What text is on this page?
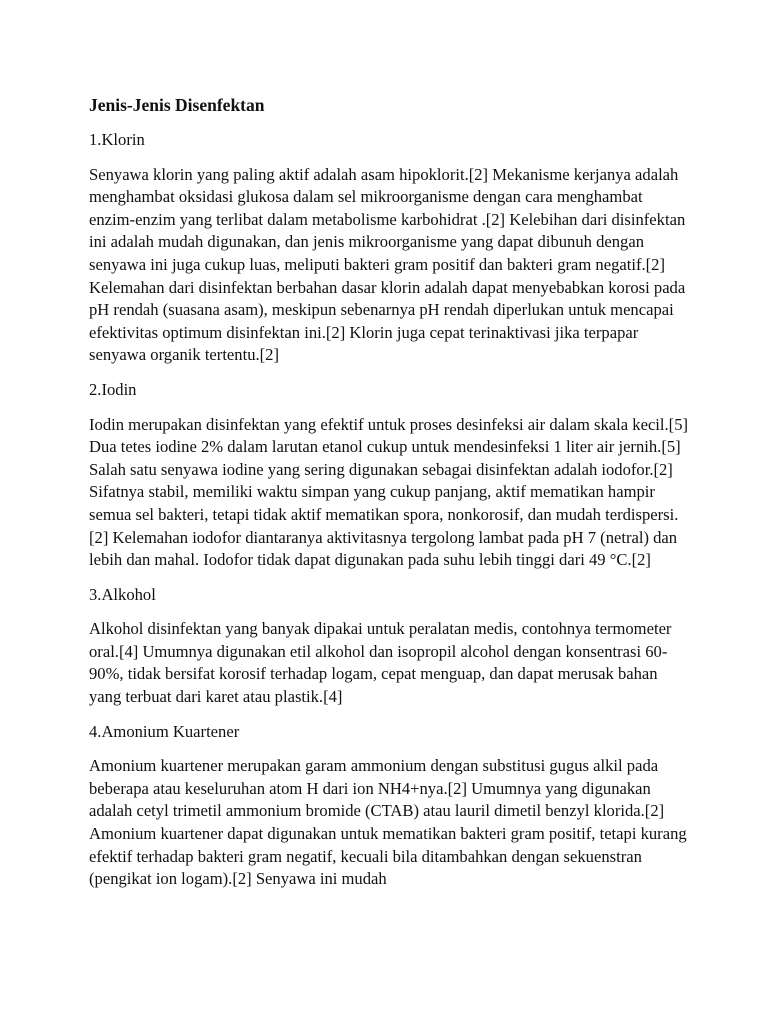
Jenis-Jenis Disenfektan
1.Klorin

Senyawa klorin yang paling aktif adalah asam hipoklorit.[2] Mekanisme kerjanya adalah menghambat oksidasi glukosa dalam sel mikroorganisme dengan cara menghambat enzim-enzim yang terlibat dalam metabolisme karbohidrat .[2] Kelebihan dari disinfektan ini adalah mudah digunakan, dan jenis mikroorganisme yang dapat dibunuh dengan senyawa ini juga cukup luas, meliputi bakteri gram positif dan bakteri gram negatif.[2] Kelemahan dari disinfektan berbahan dasar klorin adalah dapat menyebabkan korosi pada pH rendah (suasana asam), meskipun sebenarnya pH rendah diperlukan untuk mencapai efektivitas optimum disinfektan ini.[2] Klorin juga cepat terinaktivasi jika terpapar senyawa organik tertentu.[2]

2.Iodin

Iodin merupakan disinfektan yang efektif untuk proses desinfeksi air dalam skala kecil.[5] Dua tetes iodine 2% dalam larutan etanol cukup untuk mendesinfeksi 1 liter air jernih.[5] Salah satu senyawa iodine yang sering digunakan sebagai disinfektan adalah iodofor.[2] Sifatnya stabil, memiliki waktu simpan yang cukup panjang, aktif mematikan hampir semua sel bakteri, tetapi tidak aktif mematikan spora, nonkorosif, dan mudah terdispersi.[2] Kelemahan iodofor diantaranya aktivitasnya tergolong lambat pada pH 7 (netral) dan lebih dan mahal. Iodofor tidak dapat digunakan pada suhu lebih tinggi dari 49 °C.[2]

3.Alkohol

Alkohol disinfektan yang banyak dipakai untuk peralatan medis, contohnya termometer oral.[4] Umumnya digunakan etil alkohol dan isopropil alcohol dengan konsentrasi 60-90%, tidak bersifat korosif terhadap logam, cepat menguap, dan dapat merusak bahan yang terbuat dari karet atau plastik.[4]

4.Amonium Kuartener

Amonium kuartener merupakan garam ammonium dengan substitusi gugus alkil pada beberapa atau keseluruhan atom H dari ion NH4+nya.[2] Umumnya yang digunakan adalah cetyl trimetil ammonium bromide (CTAB) atau lauril dimetil benzyl klorida.[2] Amonium kuartener dapat digunakan untuk mematikan bakteri gram positif, tetapi kurang efektif terhadap bakteri gram negatif, kecuali bila ditambahkan dengan sekuenstran (pengikat ion logam).[2] Senyawa ini mudah
